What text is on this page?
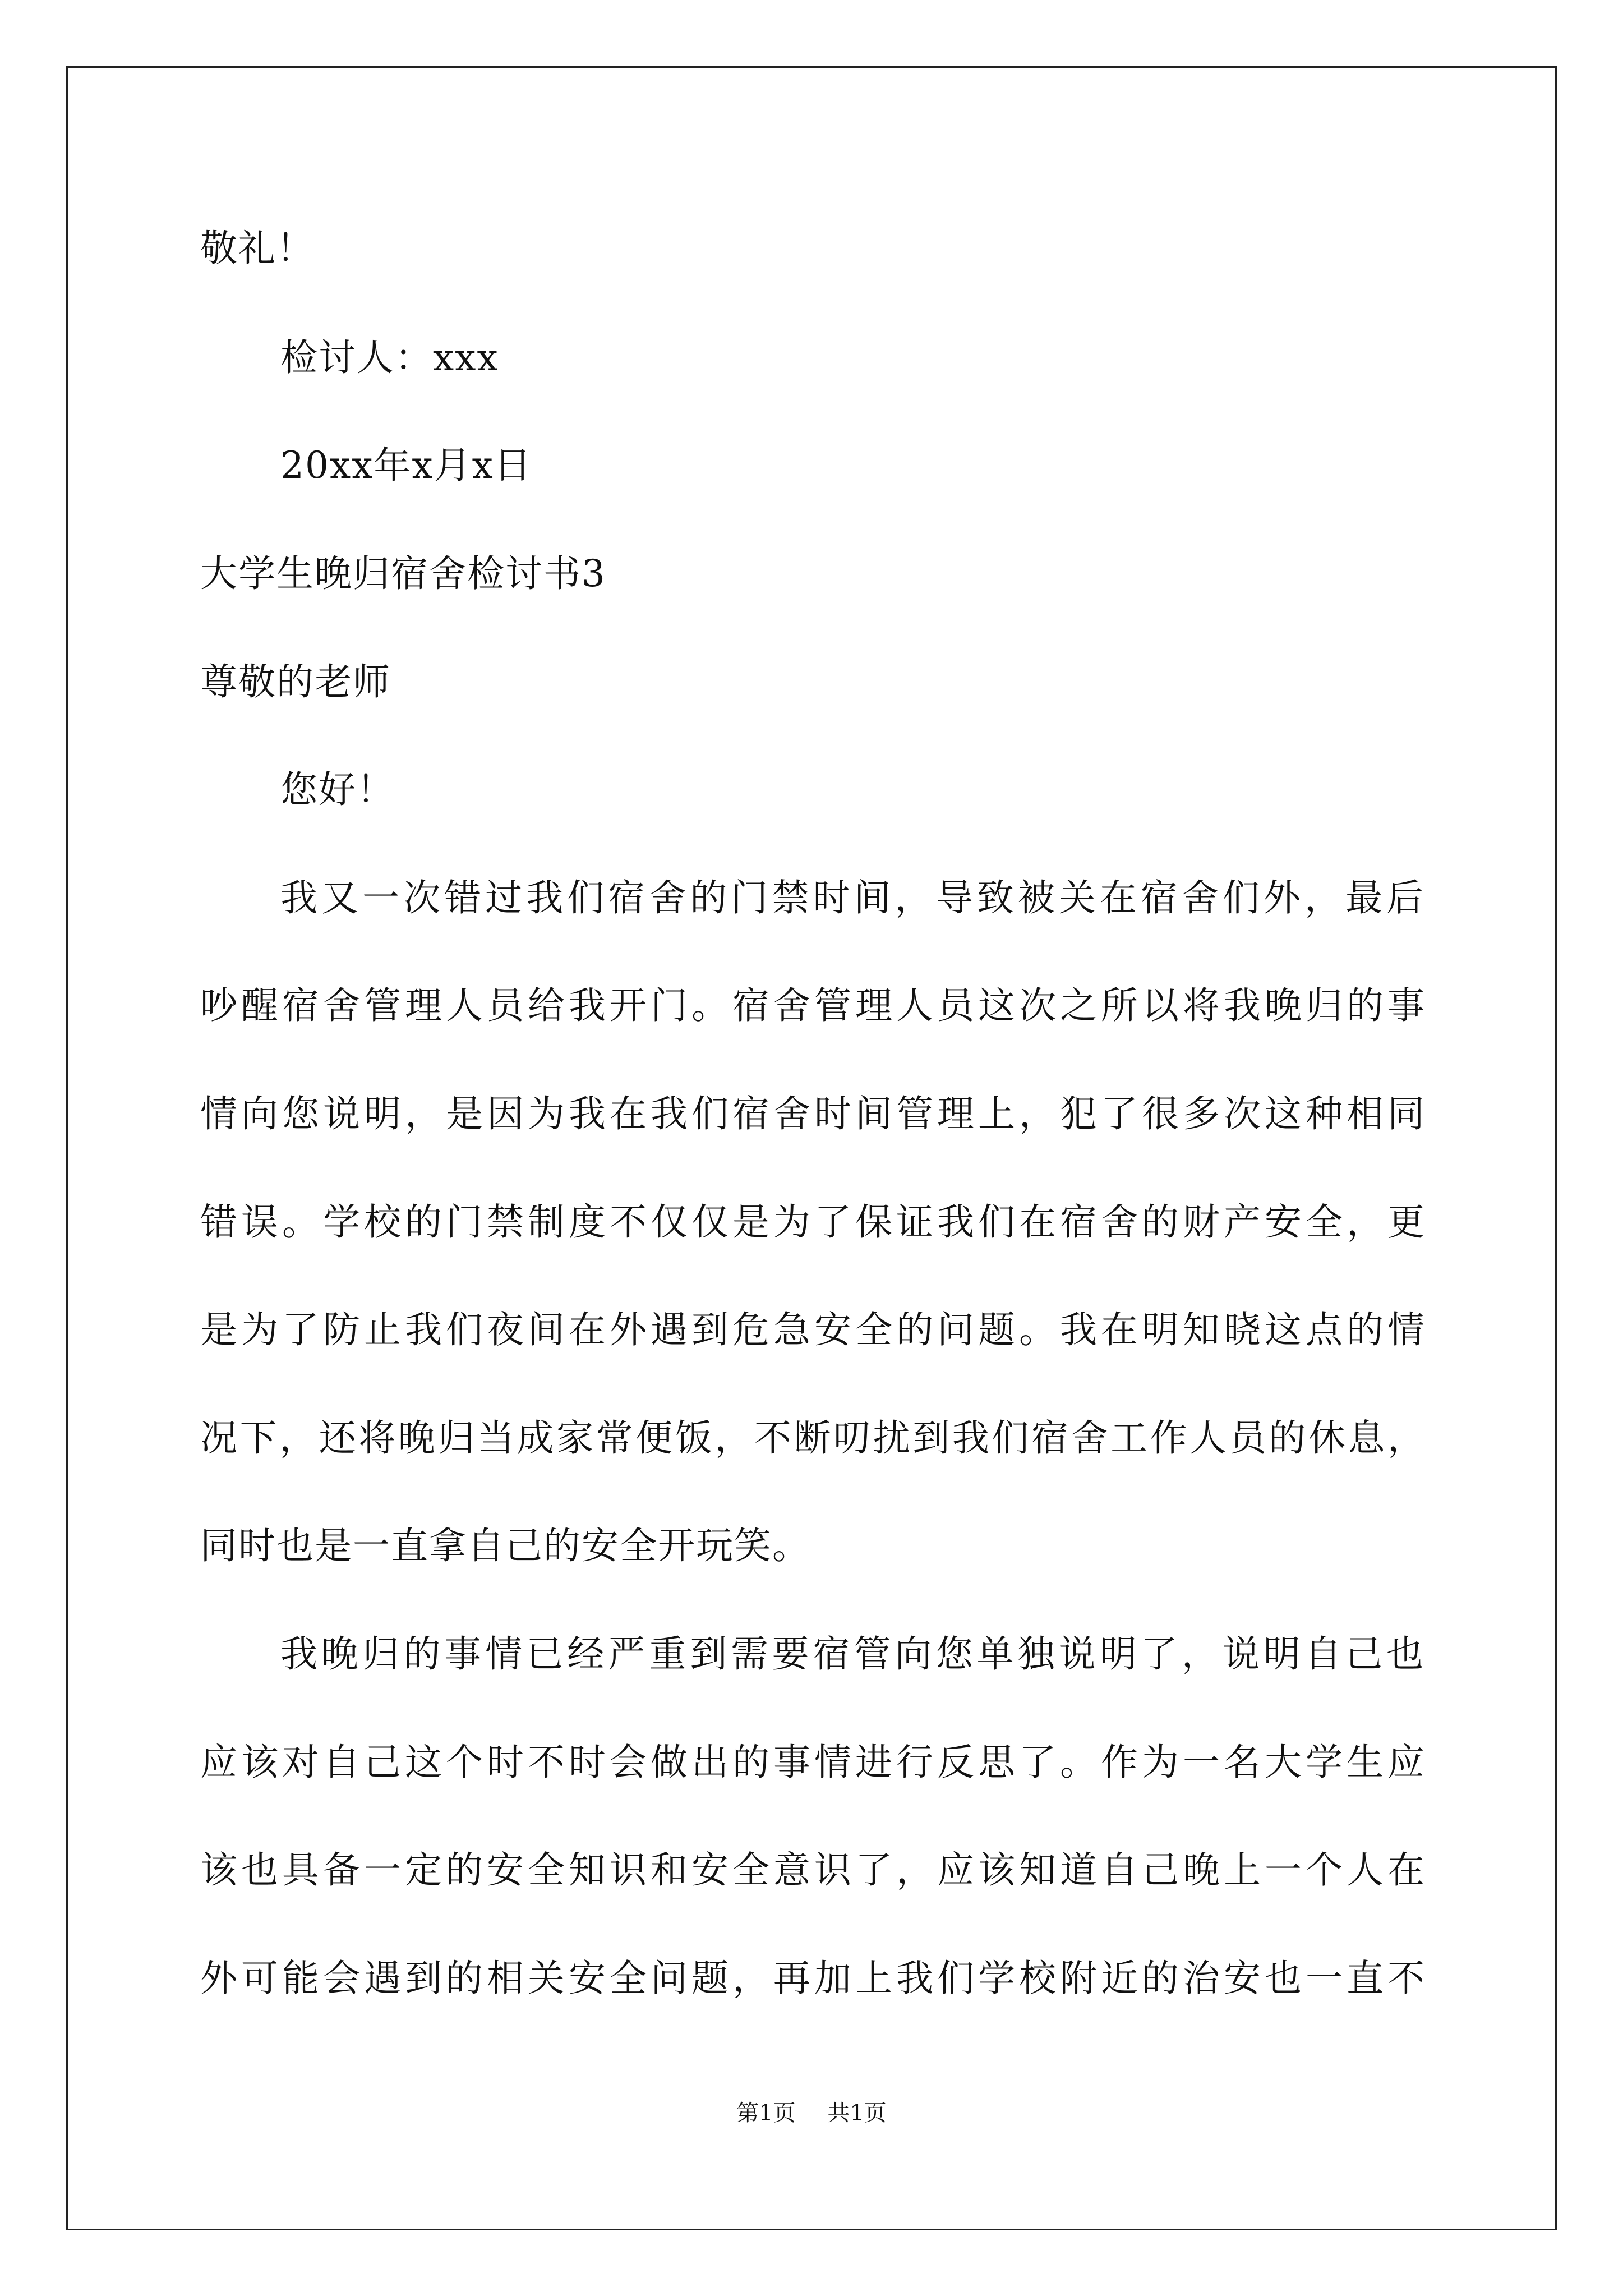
敬礼！
检讨人：xxx
20xx年x月x日
大学生晚归宿舍检讨书3
尊敬的老师
您好！
我又一次错过我们宿舍的门禁时间，导致被关在宿舍们外，最后
吵醒宿舍管理人员给我开门。宿舍管理人员这次之所以将我晚归的事
情向您说明，是因为我在我们宿舍时间管理上，犯了很多次这种相同
错误。学校的门禁制度不仅仅是为了保证我们在宿舍的财产安全，更
是为了防止我们夜间在外遇到危急安全的问题。我在明知晓这点的情
况下，还将晚归当成家常便饭，不断叨扰到我们宿舍工作人员的休息，
同时也是一直拿自己的安全开玩笑。
我晚归的事情已经严重到需要宿管向您单独说明了，说明自己也
应该对自己这个时不时会做出的事情进行反思了。作为一名大学生应
该也具备一定的安全知识和安全意识了，应该知道自己晚上一个人在
外可能会遇到的相关安全问题，再加上我们学校附近的治安也一直不
第1页 共1页
